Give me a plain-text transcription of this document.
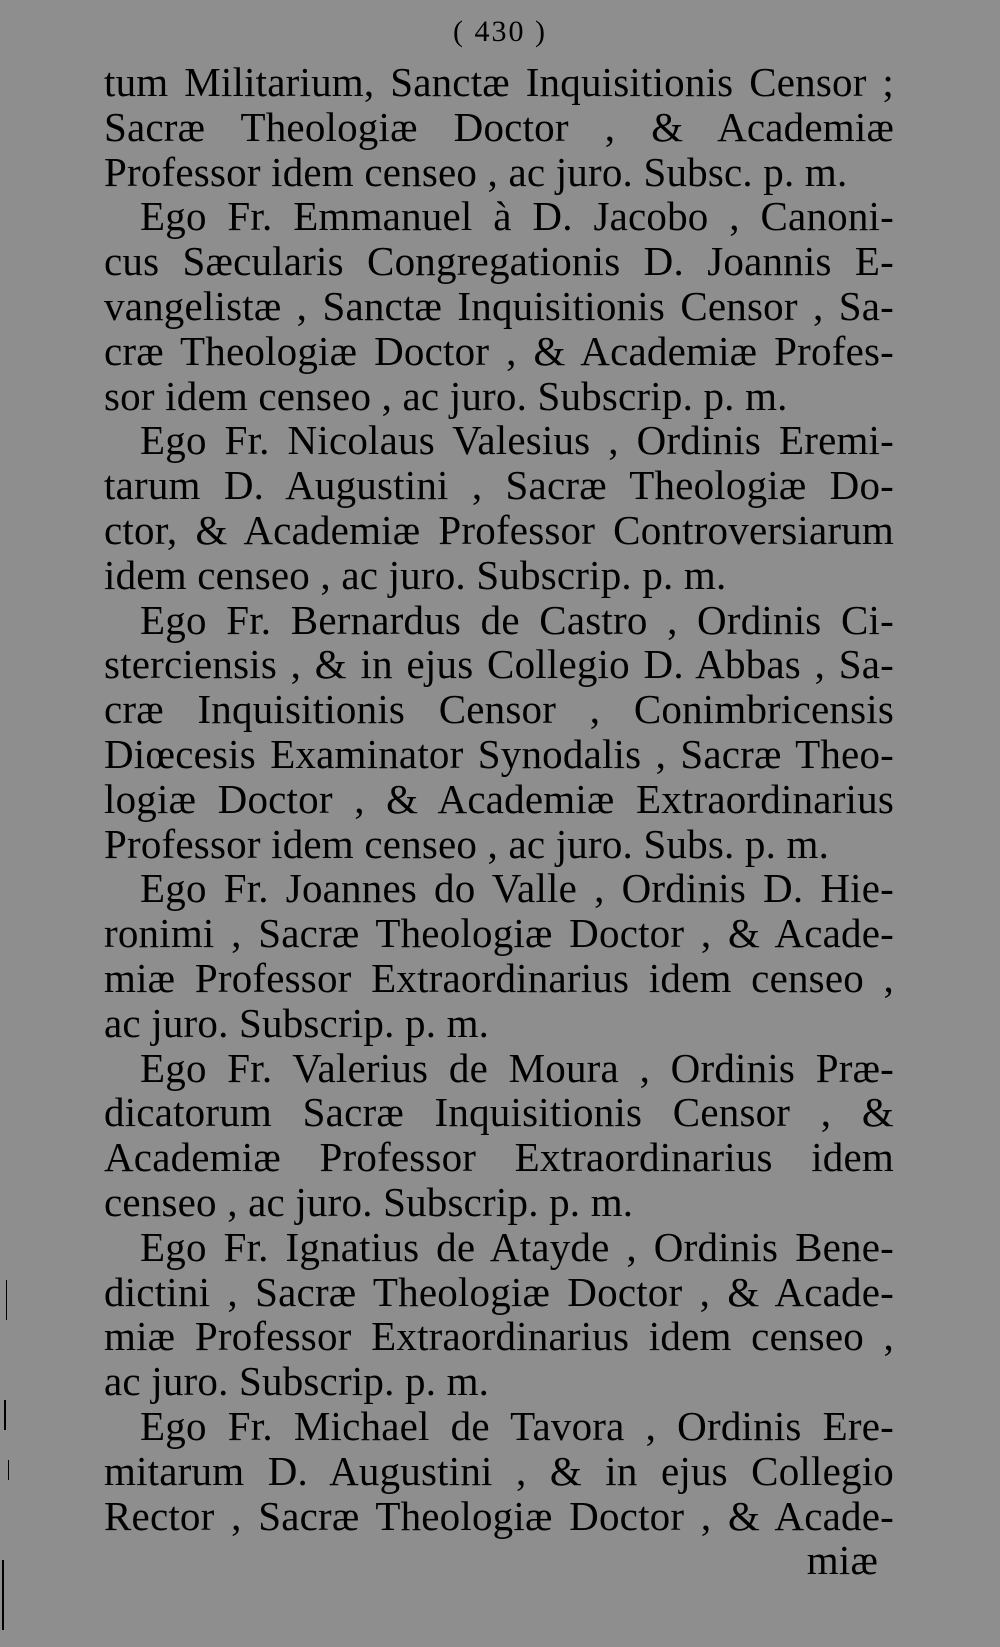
( 430 )
tum Militarium, Sanctæ Inquisitionis Censor ;
Sacræ Theologiæ Doctor , & Academiæ
Professor idem censeo , ac juro. Subsc. p. m.
Ego Fr. Emmanuel à D. Jacobo , Canoni-
cus Sæcularis Congregationis D. Joannis E-
vangelistæ , Sanctæ Inquisitionis Censor , Sa-
cræ Theologiæ Doctor , & Academiæ Profes-
sor idem censeo , ac juro. Subscrip. p. m.
Ego Fr. Nicolaus Valesius , Ordinis Eremi-
tarum D. Augustini , Sacræ Theologiæ Do-
ctor, & Academiæ Professor Controversiarum
idem censeo , ac juro. Subscrip. p. m.
Ego Fr. Bernardus de Castro , Ordinis Ci-
sterciensis , & in ejus Collegio D. Abbas , Sa-
cræ Inquisitionis Censor , Conimbricensis
Diœcesis Examinator Synodalis , Sacræ Theo-
logiæ Doctor , & Academiæ Extraordinarius
Professor idem censeo , ac juro. Subs. p. m.
Ego Fr. Joannes do Valle , Ordinis D. Hie-
ronimi , Sacræ Theologiæ Doctor , & Acade-
miæ Professor Extraordinarius idem censeo ,
ac juro. Subscrip. p. m.
Ego Fr. Valerius de Moura , Ordinis Præ-
dicatorum Sacræ Inquisitionis Censor , &
Academiæ Professor Extraordinarius idem
censeo , ac juro. Subscrip. p. m.
Ego Fr. Ignatius de Atayde , Ordinis Bene-
dictini , Sacræ Theologiæ Doctor , & Acade-
miæ Professor Extraordinarius idem censeo ,
ac juro. Subscrip. p. m.
Ego Fr. Michael de Tavora , Ordinis Ere-
mitarum D. Augustini , & in ejus Collegio
Rector , Sacræ Theologiæ Doctor , & Acade-
miæ
